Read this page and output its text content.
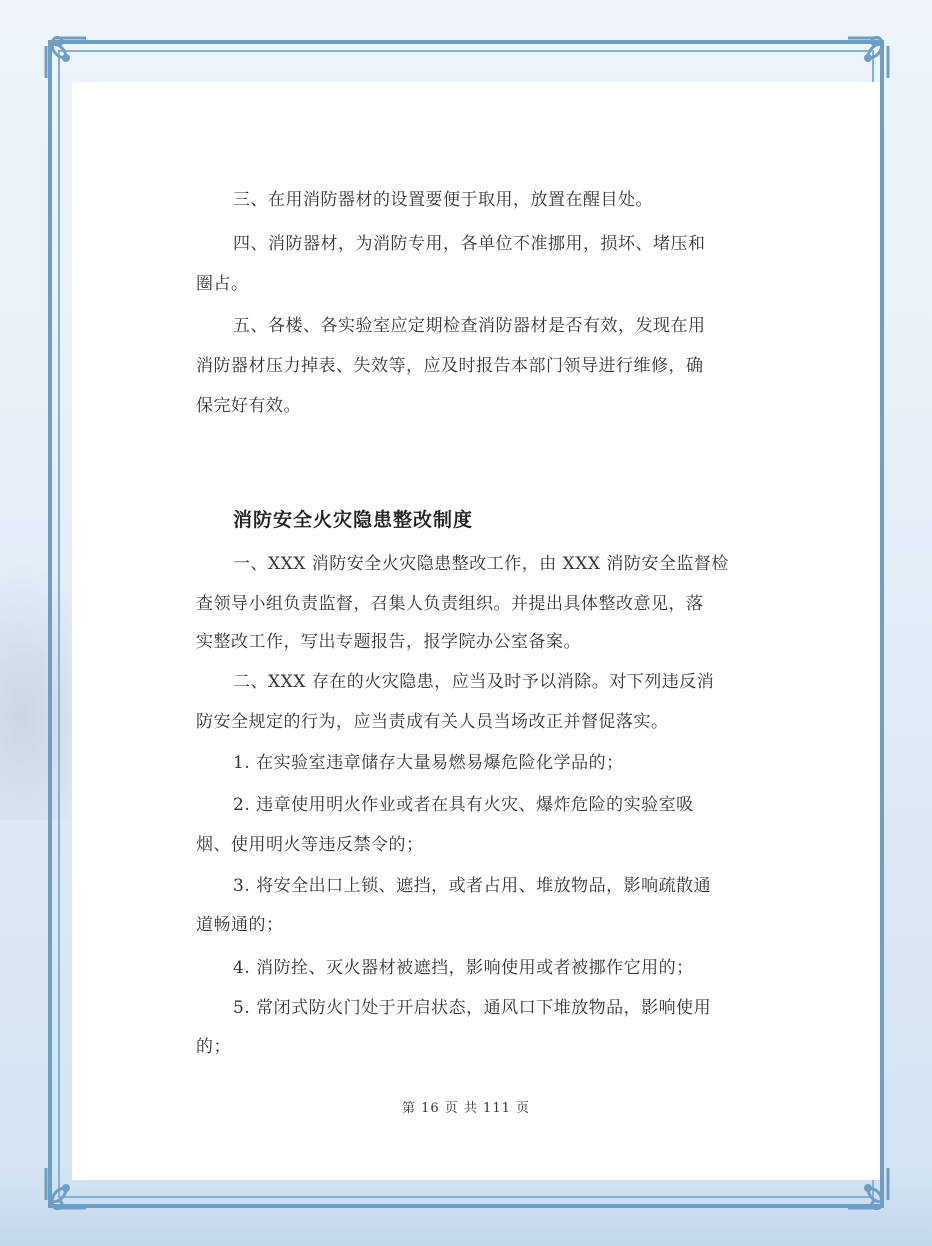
三、在用消防器材的设置要便于取用，放置在醒目处。
四、消防器材，为消防专用，各单位不准挪用，损坏、堵压和
圈占。
五、各楼、各实验室应定期检查消防器材是否有效，发现在用
消防器材压力掉表、失效等，应及时报告本部门领导进行维修，确
保完好有效。
消防安全火灾隐患整改制度
一、XXX 消防安全火灾隐患整改工作，由 XXX 消防安全监督检
查领导小组负责监督，召集人负责组织。并提出具体整改意见，落
实整改工作，写出专题报告，报学院办公室备案。
二、XXX 存在的火灾隐患，应当及时予以消除。对下列违反消
防安全规定的行为，应当责成有关人员当场改正并督促落实。
1. 在实验室违章储存大量易燃易爆危险化学品的；
2. 违章使用明火作业或者在具有火灾、爆炸危险的实验室吸
烟、使用明火等违反禁令的；
3. 将安全出口上锁、遮挡，或者占用、堆放物品，影响疏散通
道畅通的；
4. 消防拴、灭火器材被遮挡，影响使用或者被挪作它用的；
5. 常闭式防火门处于开启状态，通风口下堆放物品，影响使用
的；
第 16 页 共 111 页
